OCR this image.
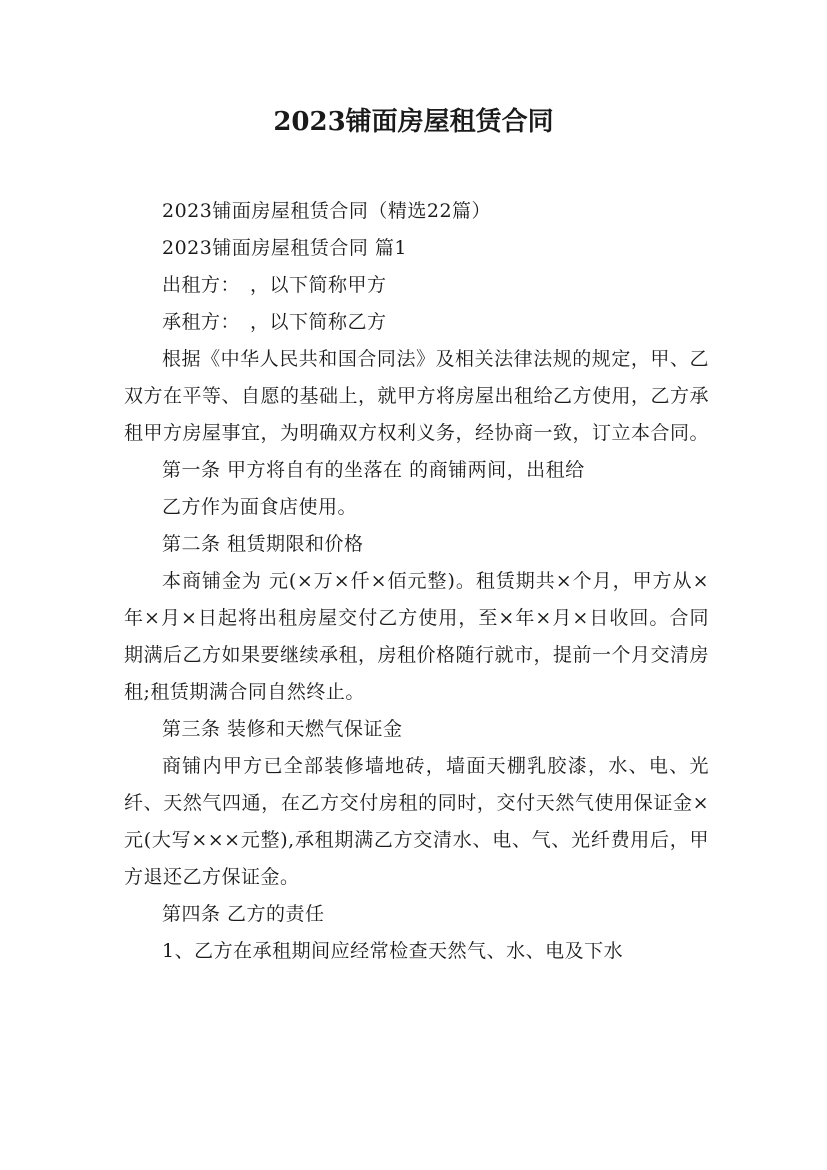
2023铺面房屋租赁合同

2023铺面房屋租赁合同（精选22篇）

2023铺面房屋租赁合同 篇1

出租方：　，以下简称甲方

承租方：　，以下简称乙方

根据《中华人民共和国合同法》及相关法律法规的规定，甲、乙双方在平等、自愿的基础上，就甲方将房屋出租给乙方使用，乙方承租甲方房屋事宜，为明确双方权利义务，经协商一致，订立本合同。

第一条 甲方将自有的坐落在 的商铺两间，出租给

乙方作为面食店使用。

第二条 租赁期限和价格

本商铺金为 元(×万×仟×佰元整)。租赁期共×个月，甲方从×年×月×日起将出租房屋交付乙方使用，至×年×月×日收回。合同期满后乙方如果要继续承租，房租价格随行就市，提前一个月交清房租;租赁期满合同自然终止。

第三条 装修和天燃气保证金

商铺内甲方已全部装修墙地砖，墙面天棚乳胶漆，水、电、光纤、天然气四通，在乙方交付房租的同时，交付天然气使用保证金×元(大写×××元整),承租期满乙方交清水、电、气、光纤费用后，甲方退还乙方保证金。

第四条 乙方的责任

1、乙方在承租期间应经常检查天然气、水、电及下水
